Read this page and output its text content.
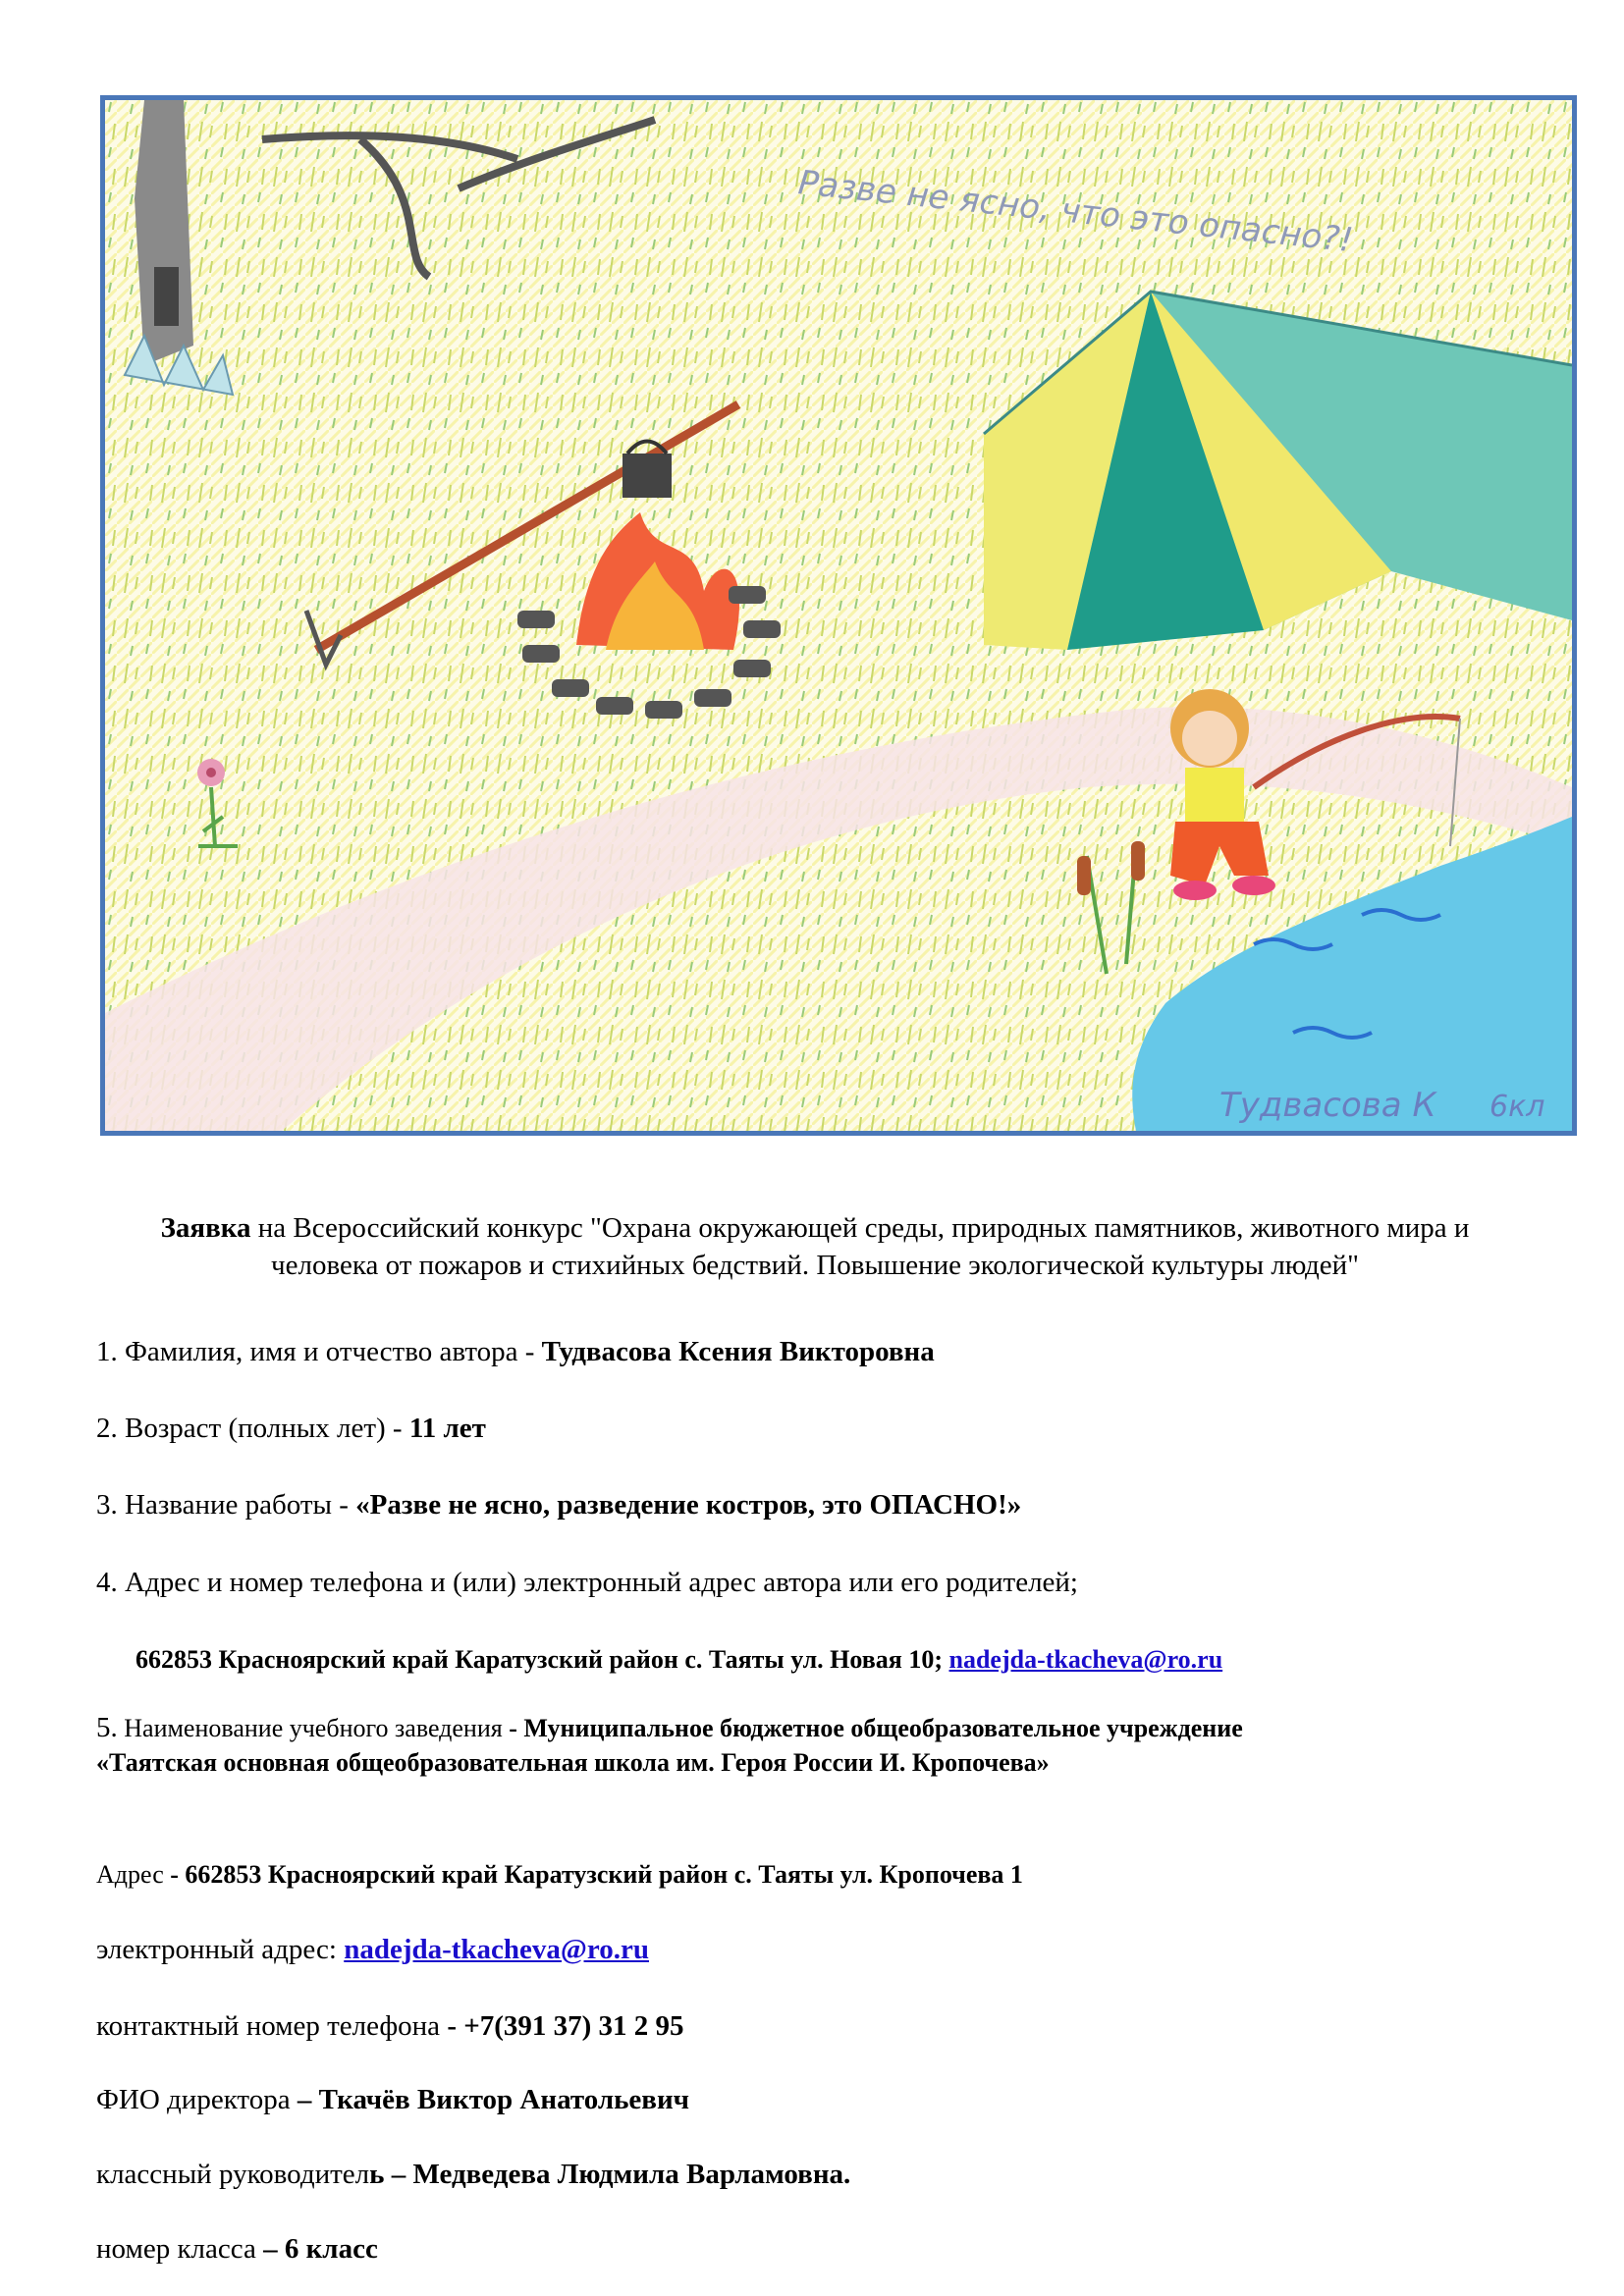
Разве не ясно, что это опасно?!
Тудвасова К 6кл
Заявка на Всероссийский конкурс "Охрана окружающей среды, природных памятников, животного мира и человека от пожаров и стихийных бедствий. Повышение экологической культуры людей"
1. Фамилия, имя и отчество автора - Тудвасова Ксения Викторовна
2. Возраст (полных лет) - 11 лет
3. Название работы - «Разве не ясно, разведение костров, это ОПАСНО!»
4. Адрес и номер телефона и (или) электронный адрес автора или его родителей;
662853 Красноярский край Каратузский район с. Таяты ул. Новая 10; nadejda-tkacheva@ro.ru
5. Наименование учебного заведения - Муниципальное бюджетное общеобразовательное учреждение
«Таятская основная общеобразовательная школа им. Героя России И. Кропочева»
Адрес - 662853 Красноярский край Каратузский район с. Таяты ул. Кропочева 1
электронный адрес: nadejda-tkacheva@ro.ru
контактный номер телефона - +7(391 37) 31 2 95
ФИО директора – Ткачёв Виктор Анатольевич
классный руководитель – Медведева Людмила Варламовна.
номер класса – 6 класс
